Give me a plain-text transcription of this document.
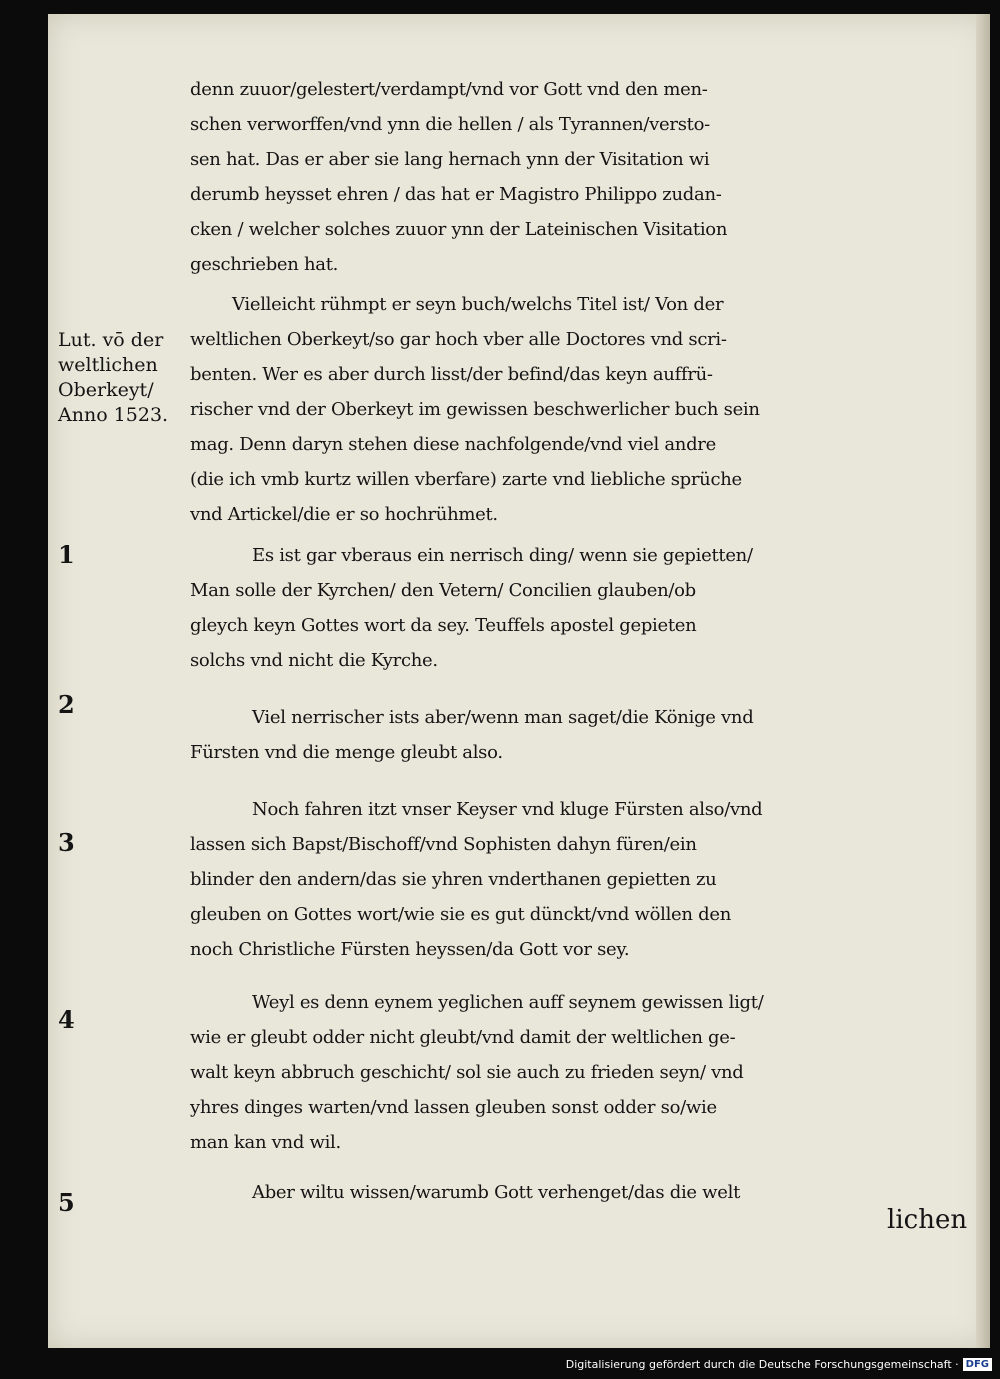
denn zuuor/gelestert/verdampt/vnd vor Gott vnd den men-
schen verworffen/vnd ynn die hellen / als Tyrannen/versto-
sen hat. Das er aber sie lang hernach ynn der Visitation wi
derumb heysset ehren / das hat er Magistro Philippo zudan-
cken / welcher solches zuuor ynn der Lateinischen Visitation
geschrieben hat.
Vielleicht rühmpt er seyn buch/welchs Titel ist/ Von der
weltlichen Oberkeyt/so gar hoch vber alle Doctores vnd scri-
benten. Wer es aber durch lisst/der befind/das keyn auffrü-
rischer vnd der Oberkeyt im gewissen beschwerlicher buch sein
mag. Denn daryn stehen diese nachfolgende/vnd viel andre
(die ich vmb kurtz willen vberfare) zarte vnd liebliche sprüche
vnd Artickel/die er so hochrühmet.
Es ist gar vberaus ein nerrisch ding/ wenn sie gepietten/
Man solle der Kyrchen/ den Vetern/ Concilien glauben/ob
gleych keyn Gottes wort da sey. Teuffels apostel gepieten
solchs vnd nicht die Kyrche.
Viel nerrischer ists aber/wenn man saget/die Könige vnd
Fürsten vnd die menge gleubt also.
Noch fahren itzt vnser Keyser vnd kluge Fürsten also/vnd
lassen sich Bapst/Bischoff/vnd Sophisten dahyn füren/ein
blinder den andern/das sie yhren vnderthanen gepietten zu
gleuben on Gottes wort/wie sie es gut dünckt/vnd wöllen den
noch Christliche Fürsten heyssen/da Gott vor sey.
Weyl es denn eynem yeglichen auff seynem gewissen ligt/
wie er gleubt odder nicht gleubt/vnd damit der weltlichen ge-
walt keyn abbruch geschicht/ sol sie auch zu frieden seyn/ vnd
yhres dinges warten/vnd lassen gleuben sonst odder so/wie
man kan vnd wil.
Aber wiltu wissen/warumb Gott verhenget/das die welt
lichen
Lut. vō der
weltlichen
Oberkeyt/
Anno 1523.
1
2
3
4
5
Digitalisierung gefördert durch die Deutsche Forschungsgemeinschaft · DFG
